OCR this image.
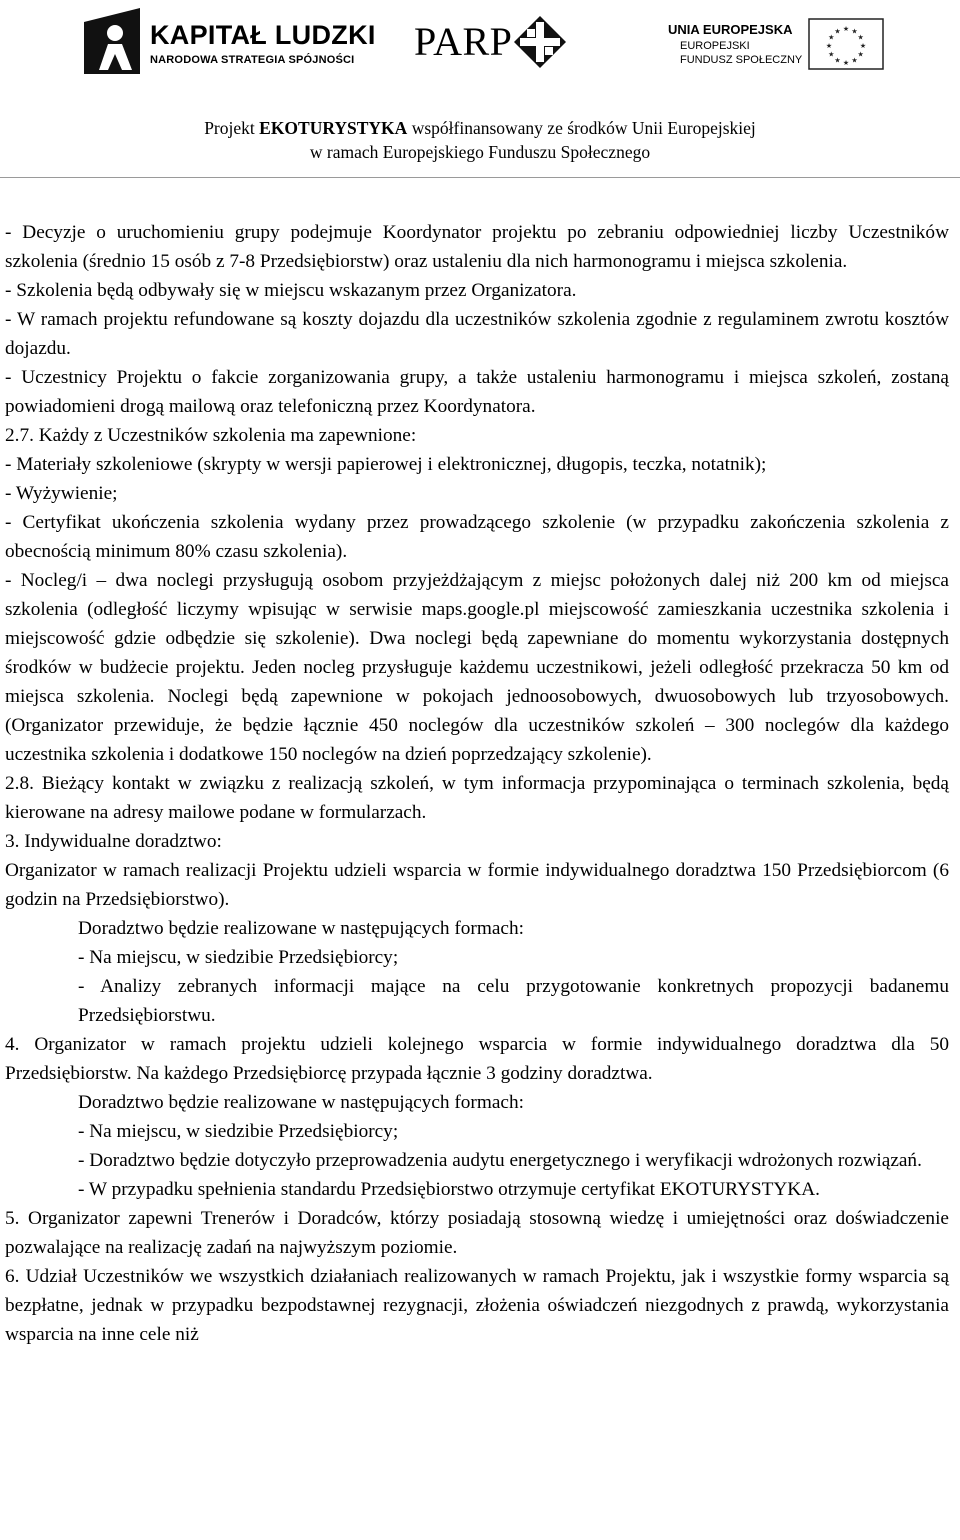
KAPITAŁ LUDZKI
NARODOWA STRATEGIA SPÓJNOŚCI PARP	UNIA EUROPEJSKA
EUROPEJSKI
FUNDUSZ SPOŁECZNY
★ ★
★
★
★
★
★
★
★
★
★
★
Projekt EKOTURYSTYKA współfinansowany ze środków Unii Europejskiej
w ramach Europejskiego Funduszu Społecznego

- Decyzje o uruchomieniu grupy podejmuje Koordynator projektu po zebraniu odpowiedniej liczby Uczestników szkolenia (średnio 15 osób z 7-8 Przedsiębiorstw) oraz ustaleniu dla nich harmonogramu i miejsca szkolenia.

- Szkolenia będą odbywały się w miejscu wskazanym przez Organizatora.

- W ramach projektu refundowane są koszty dojazdu dla uczestników szkolenia zgodnie z regulaminem zwrotu kosztów dojazdu.

- Uczestnicy Projektu o fakcie zorganizowania grupy, a także ustaleniu harmonogramu i miejsca szkoleń, zostaną powiadomieni drogą mailową oraz telefoniczną przez Koordynatora.

2.7. Każdy z Uczestników szkolenia ma zapewnione:

- Materiały szkoleniowe (skrypty w wersji papierowej i elektronicznej, długopis, teczka, notatnik);

- Wyżywienie;

- Certyfikat ukończenia szkolenia wydany przez prowadzącego szkolenie (w przypadku zakończenia szkolenia z obecnością minimum 80% czasu szkolenia).

- Nocleg/i – dwa noclegi przysługują osobom przyjeżdżającym z miejsc położonych dalej niż 200 km od miejsca szkolenia (odległość liczymy wpisując w serwisie maps.google.pl miejscowość zamieszkania uczestnika szkolenia i miejscowość gdzie odbędzie się szkolenie). Dwa noclegi będą zapewniane do momentu wykorzystania dostępnych środków w budżecie projektu. Jeden nocleg przysługuje każdemu uczestnikowi, jeżeli odległość przekracza 50 km od miejsca szkolenia. Noclegi będą zapewnione w pokojach jednoosobowych, dwuosobowych lub trzyosobowych. (Organizator przewiduje, że będzie łącznie 450 noclegów dla uczestników szkoleń – 300 noclegów dla każdego uczestnika szkolenia i dodatkowe 150 noclegów na dzień poprzedzający szkolenie).

2.8. Bieżący kontakt w związku z realizacją szkoleń, w tym informacja przypominająca o terminach szkolenia, będą kierowane na adresy mailowe podane w formularzach.

3. Indywidualne doradztwo:

Organizator w ramach realizacji Projektu udzieli wsparcia w formie indywidualnego doradztwa 150 Przedsiębiorcom (6 godzin na Przedsiębiorstwo).

Doradztwo będzie realizowane w następujących formach:

- Na miejscu, w siedzibie Przedsiębiorcy;

- Analizy zebranych informacji mające na celu przygotowanie konkretnych propozycji badanemu Przedsiębiorstwu.

4. Organizator w ramach projektu udzieli kolejnego wsparcia w formie indywidualnego doradztwa dla 50 Przedsiębiorstw. Na każdego Przedsiębiorcę przypada łącznie 3 godziny doradztwa.

Doradztwo będzie realizowane w następujących formach:

- Na miejscu, w siedzibie Przedsiębiorcy;

- Doradztwo będzie dotyczyło przeprowadzenia audytu energetycznego i weryfikacji wdrożonych rozwiązań.

- W przypadku spełnienia standardu Przedsiębiorstwo otrzymuje certyfikat EKOTURYSTYKA.

5. Organizator zapewni Trenerów i Doradców, którzy posiadają stosowną wiedzę i umiejętności oraz doświadczenie pozwalające na realizację zadań na najwyższym poziomie.

6. Udział Uczestników we wszystkich działaniach realizowanych w ramach Projektu, jak i wszystkie formy wsparcia są bezpłatne, jednak w przypadku bezpodstawnej rezygnacji, złożenia oświadczeń niezgodnych z prawdą, wykorzystania wsparcia na inne cele niż
